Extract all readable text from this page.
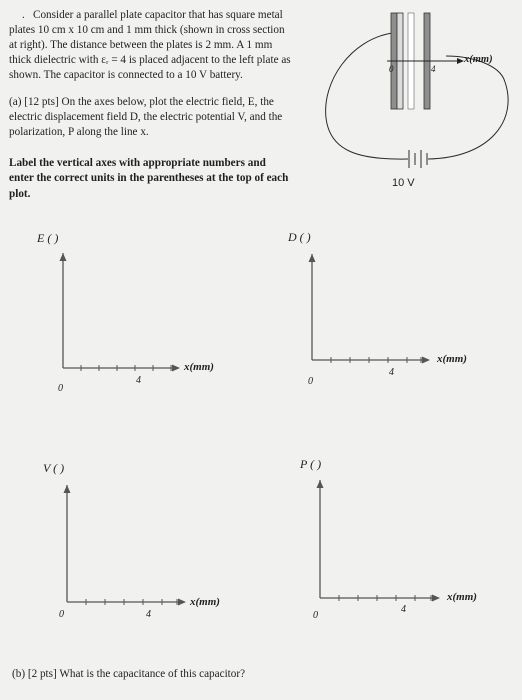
. Consider a parallel plate capacitor that has square metal
plates 10 cm x 10 cm and 1 mm thick (shown in cross section
at right). The distance between the plates is 2 mm. A 1 mm
thick dielectric with εᵣ = 4 is placed adjacent to the left plate as
shown. The capacitor is connected to a 10 V battery.
(a) [12 pts] On the axes below, plot the electric field, E, the
electric displacement field D, the electric potential V, and the
polarization, P along the line x.
Label the vertical axes with appropriate numbers and
enter the correct units in the parentheses at the top of each
plot.
0	4
x(mm)
10 V
E ( )
x(mm)
0
4
D ( )
x(mm)
0
4
V ( )
x(mm)
0	4
P ( )
x(mm)
0
4
(b) [2 pts] What is the capacitance of this capacitor?
